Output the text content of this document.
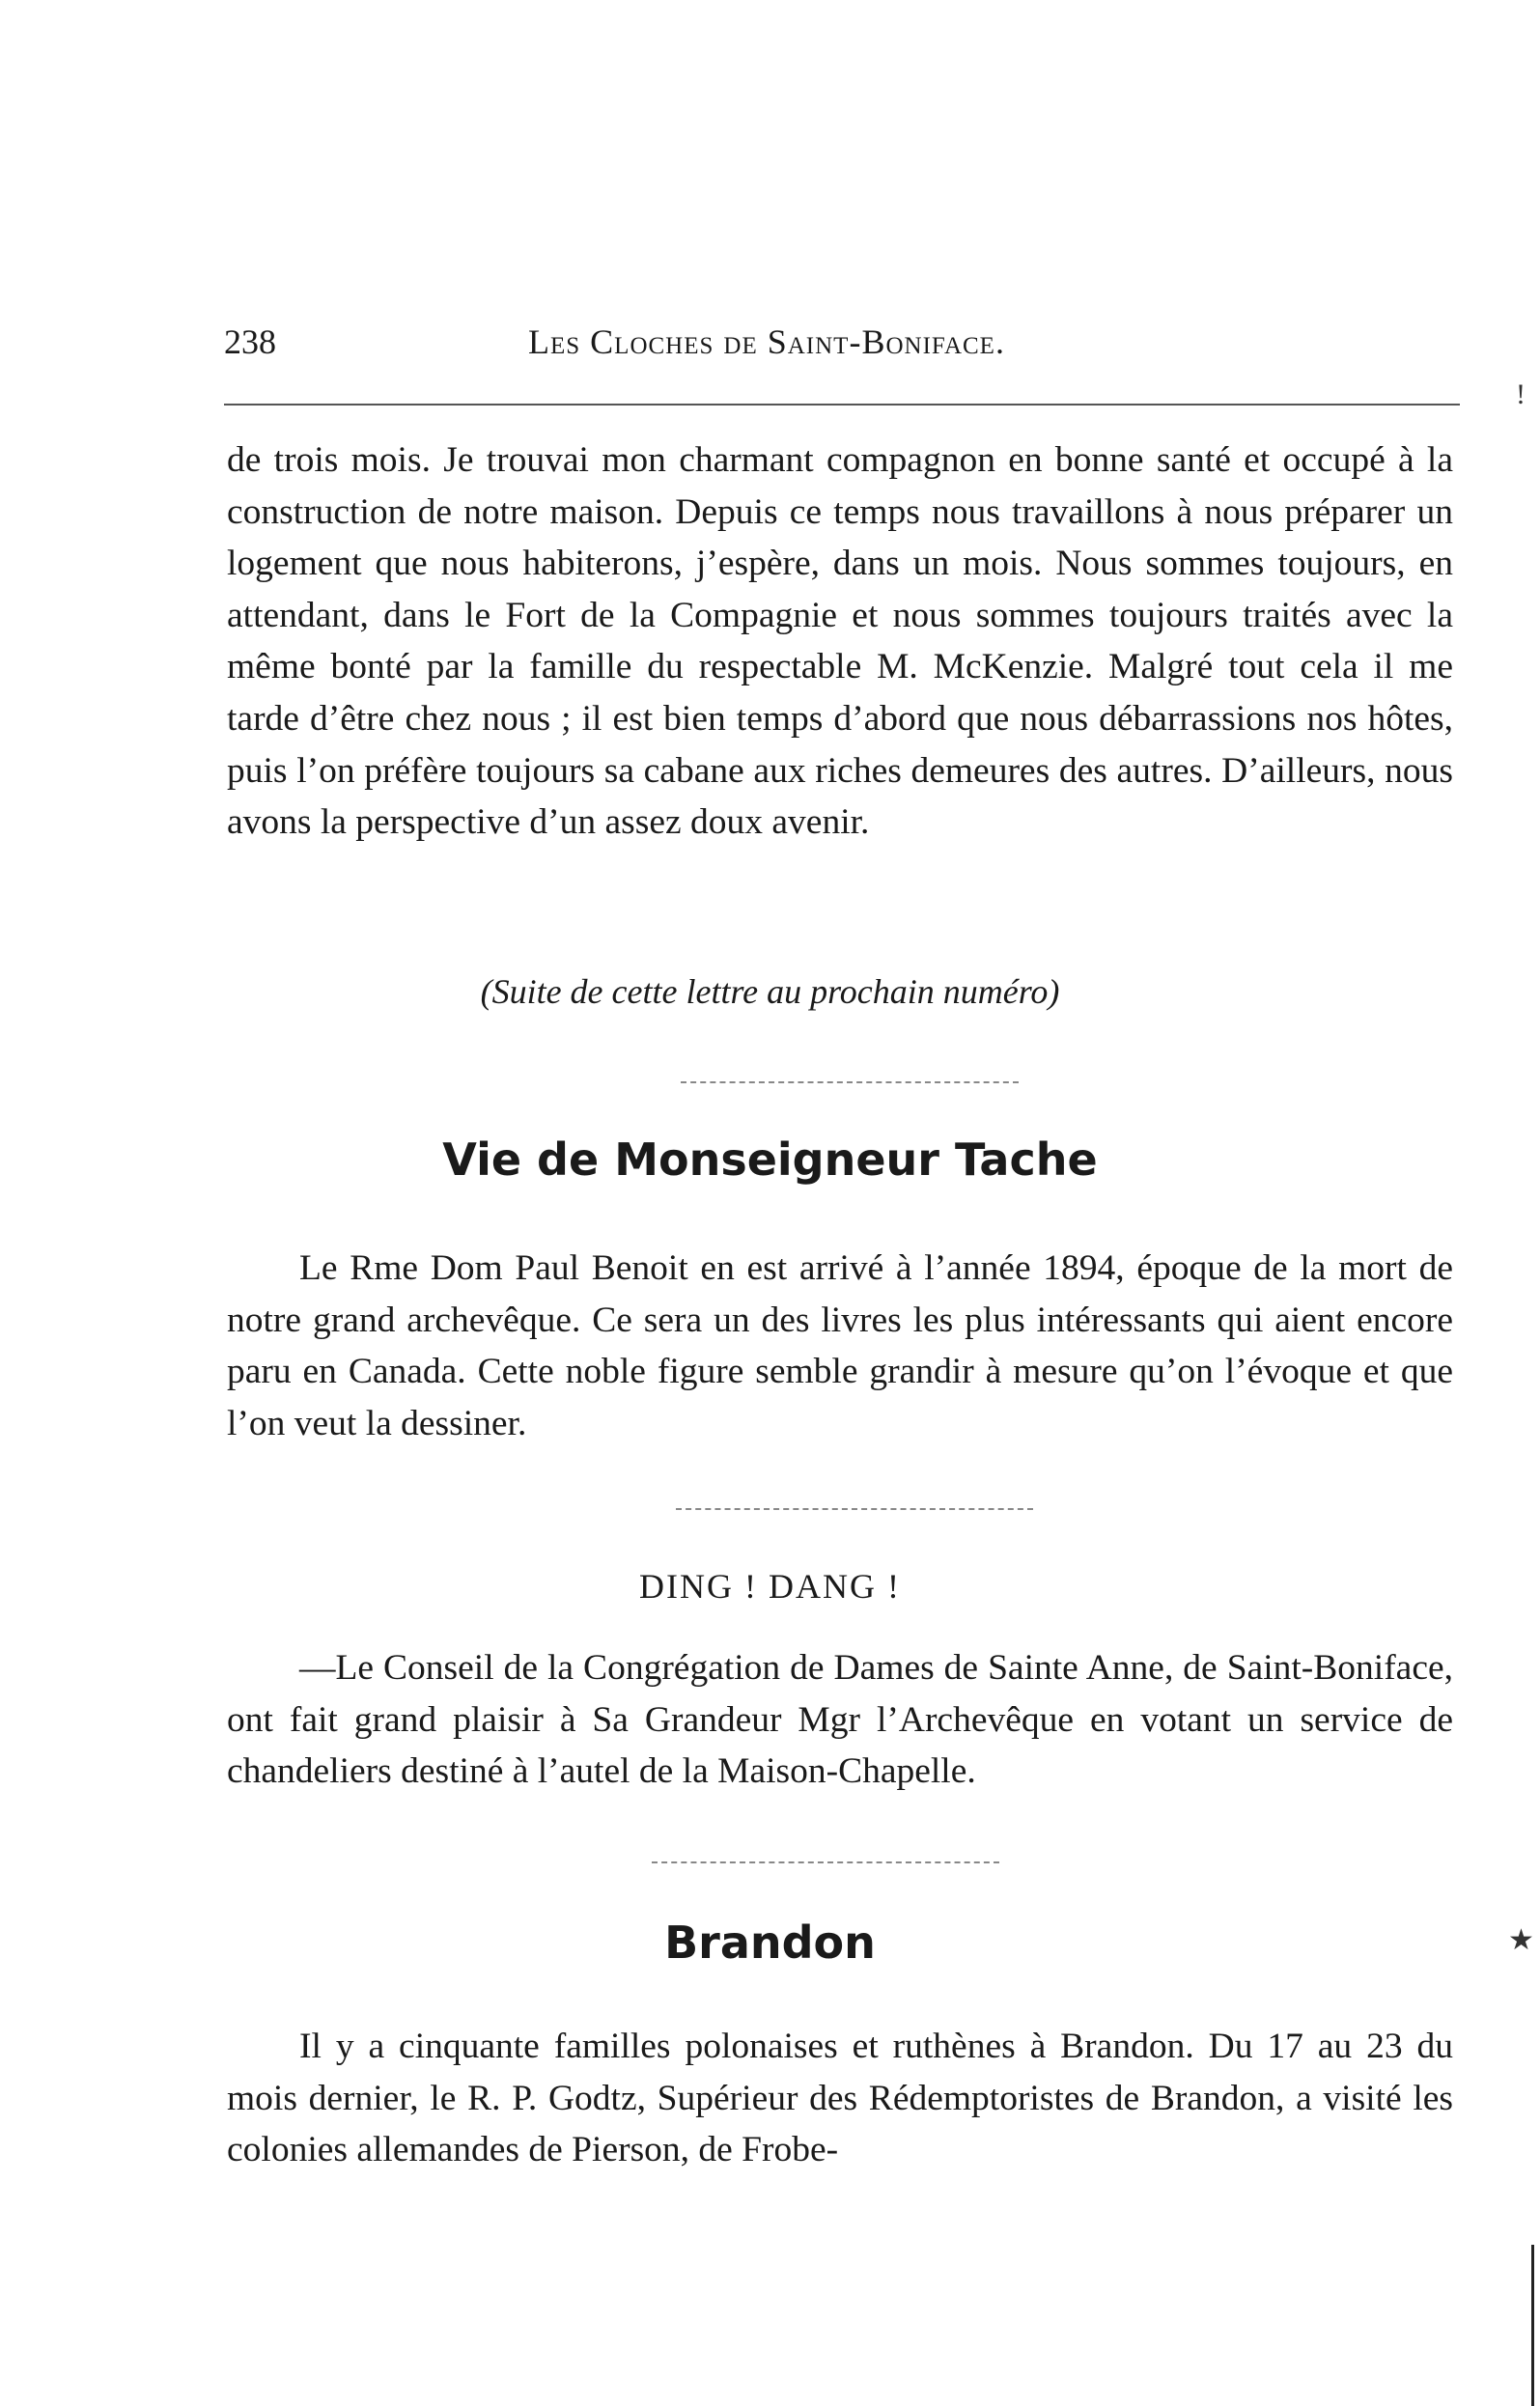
238	Les Cloches de Saint-Boniface.
!

de trois mois. Je trouvai mon charmant compagnon en bonne santé et occupé à la construction de notre maison. Depuis ce temps nous travaillons à nous préparer un logement que nous habiterons, j’espère, dans un mois. Nous sommes toujours, en attendant, dans le Fort de la Compagnie et nous sommes toujours traités avec la même bonté par la famille du respectable M. McKenzie. Malgré tout cela il me tarde d’être chez nous ; il est bien temps d’abord que nous débarrassions nos hôtes, puis l’on préfère toujours sa cabane aux riches demeures des autres. D’ailleurs, nous avons la perspective d’un assez doux avenir.

(Suite de cette lettre au prochain numéro)
Vie de Monseigneur Tache

Le Rme Dom Paul Benoit en est arrivé à l’année 1894, époque de la mort de notre grand archevêque. Ce sera un des livres les plus intéressants qui aient encore paru en Canada. Cette noble figure semble grandir à mesure qu’on l’évoque et que l’on veut la dessiner.

DING ! DANG !

—Le Conseil de la Congrégation de Dames de Sainte Anne, de Saint-Boniface, ont fait grand plaisir à Sa Grandeur Mgr l’Archevêque en votant un service de chandeliers destiné à l’autel de la Maison-Chapelle.

Brandon	★

Il y a cinquante familles polonaises et ruthènes à Brandon. Du 17 au 23 du mois dernier, le R. P. Godtz, Supérieur des Rédemptoristes de Brandon, a visité les colonies allemandes de Pierson, de Frobe-
